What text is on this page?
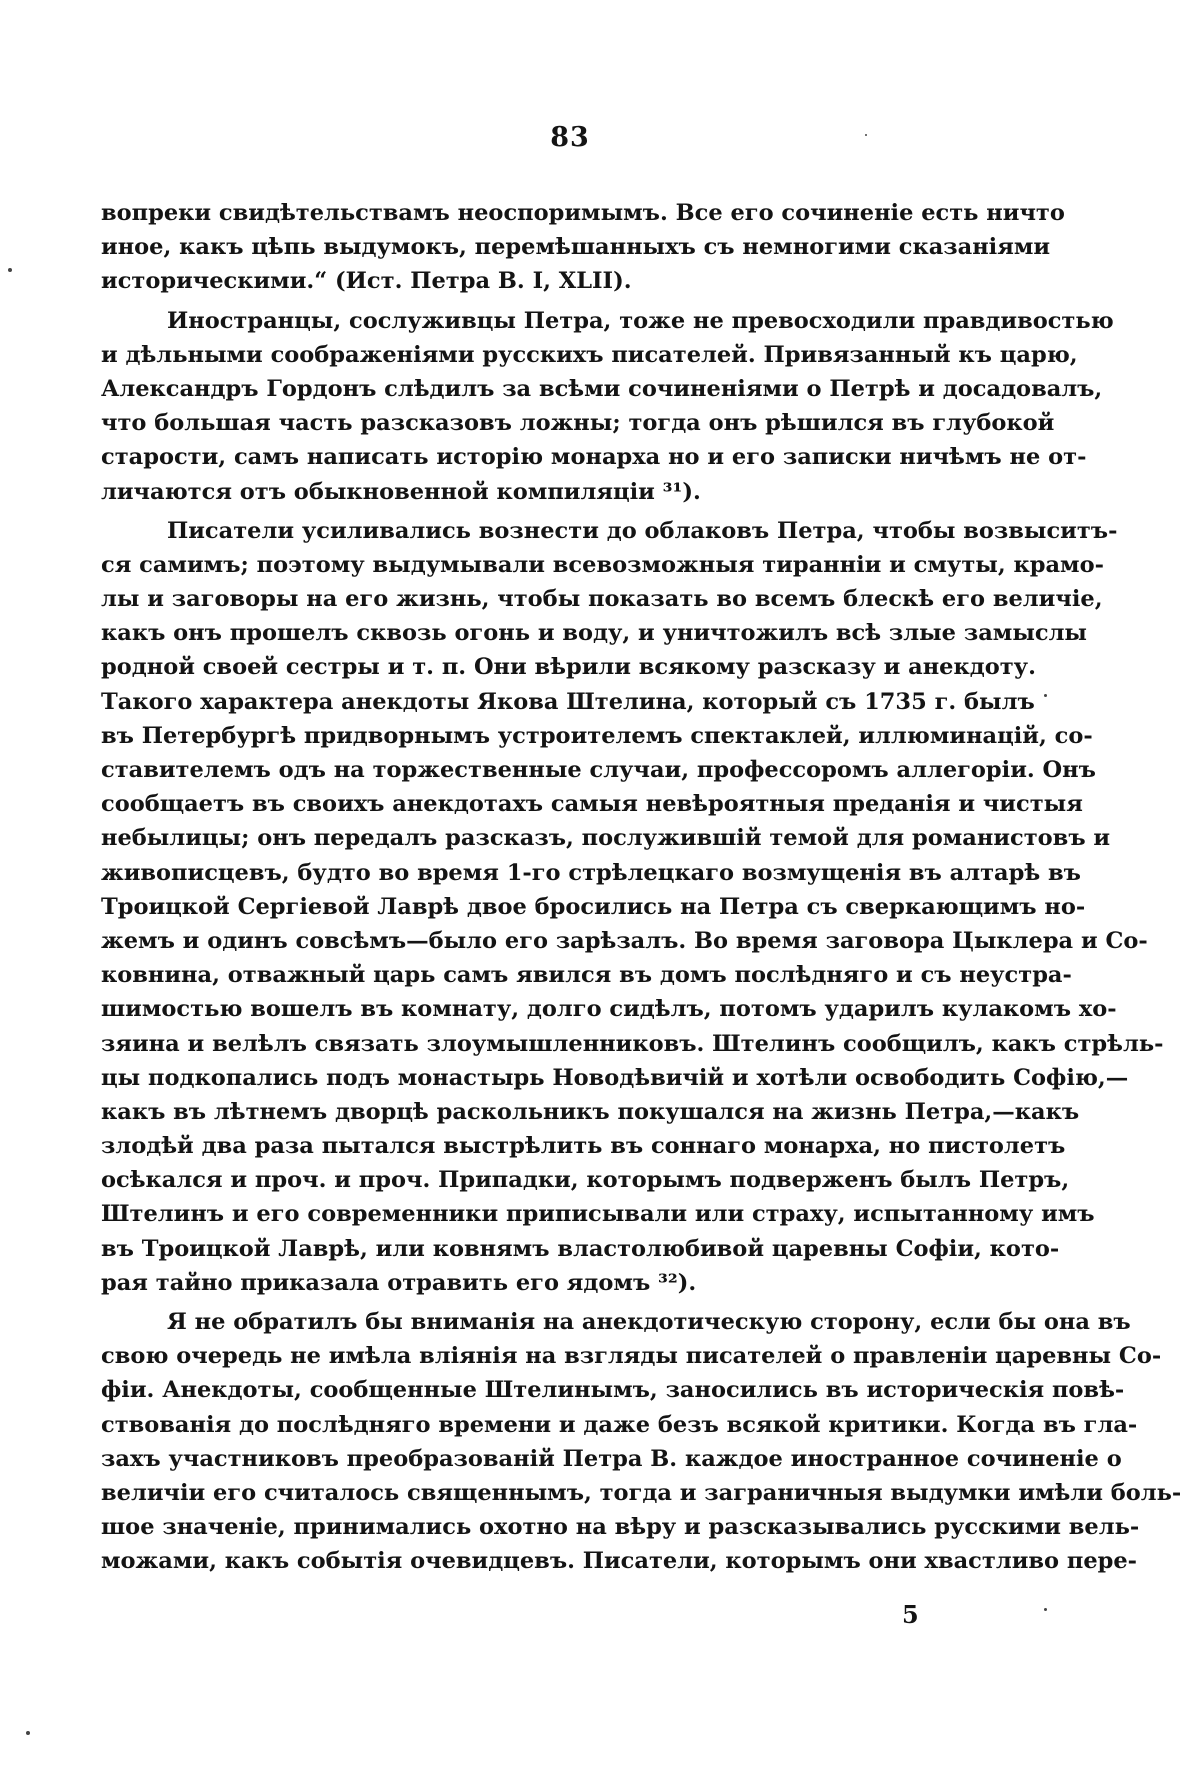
83
вопреки свидѣтельствамъ неоспоримымъ. Все его сочиненіе есть ничто
иное, какъ цѣпь выдумокъ, перемѣшанныхъ съ немногими сказаніями
историческими.“ (Ист. Петра В. I, XLII).
Иностранцы, сослуживцы Петра, тоже не превосходили правдивостью
и дѣльными соображеніями русскихъ писателей. Привязанный къ царю,
Александръ Гордонъ слѣдилъ за всѣми сочиненіями о Петрѣ и досадовалъ,
что большая часть разсказовъ ложны; тогда онъ рѣшился въ глубокой
старости, самъ написать исторію монарха но и его записки ничѣмъ не от-
личаются отъ обыкновенной компиляціи ³¹).
Писатели усиливались вознести до облаковъ Петра, чтобы возвыситъ-
ся самимъ; поэтому выдумывали всевозможныя тиранніи и смуты, крамо-
лы и заговоры на его жизнь, чтобы показать во всемъ блескѣ его величіе,
какъ онъ прошелъ сквозь огонь и воду, и уничтожилъ всѣ злые замыслы
родной своей сестры и т. п. Они вѣрили всякому разсказу и анекдоту.
Такого характера анекдоты Якова Штелина, который съ 1735 г. былъ
въ Петербургѣ придворнымъ устроителемъ спектаклей, иллюминацій, со-
ставителемъ одъ на торжественные случаи, профессоромъ аллегоріи. Онъ
сообщаетъ въ своихъ анекдотахъ самыя невѣроятныя преданія и чистыя
небылицы; онъ передалъ разсказъ, послужившій темой для романистовъ и
живописцевъ, будто во время 1-го стрѣлецкаго возмущенія въ алтарѣ въ
Троицкой Сергіевой Лаврѣ двое бросились на Петра съ сверкающимъ но-
жемъ и одинъ совсѣмъ—было его зарѣзалъ. Во время заговора Цыклера и Со-
ковнина, отважный царь самъ явился въ домъ послѣдняго и съ неустра-
шимостью вошелъ въ комнату, долго сидѣлъ, потомъ ударилъ кулакомъ хо-
зяина и велѣлъ связать злоумышленниковъ. Штелинъ сообщилъ, какъ стрѣль-
цы подкопались подъ монастырь Новодѣвичій и хотѣли освободить Софію,—
какъ въ лѣтнемъ дворцѣ раскольникъ покушался на жизнь Петра,—какъ
злодѣй два раза пытался выстрѣлить въ соннаго монарха, но пистолетъ
осѣкался и проч. и проч. Припадки, которымъ подверженъ былъ Петръ,
Штелинъ и его современники приписывали или страху, испытанному имъ
въ Троицкой Лаврѣ, или ковнямъ властолюбивой царевны Софіи, кото-
рая тайно приказала отравить его ядомъ ³²).
Я не обратилъ бы вниманія на анекдотическую сторону, если бы она въ
свою очередь не имѣла вліянія на взгляды писателей о правленіи царевны Со-
фіи. Анекдоты, сообщенные Штелинымъ, заносились въ историческія повѣ-
ствованія до послѣдняго времени и даже безъ всякой критики. Когда въ гла-
захъ участниковъ преобразованій Петра В. каждое иностранное сочиненіе о
величіи его считалось священнымъ, тогда и заграничныя выдумки имѣли боль-
шое значеніе, принимались охотно на вѣру и разсказывались русскими вель-
можами, какъ событія очевидцевъ. Писатели, которымъ они хвастливо пере-
5
